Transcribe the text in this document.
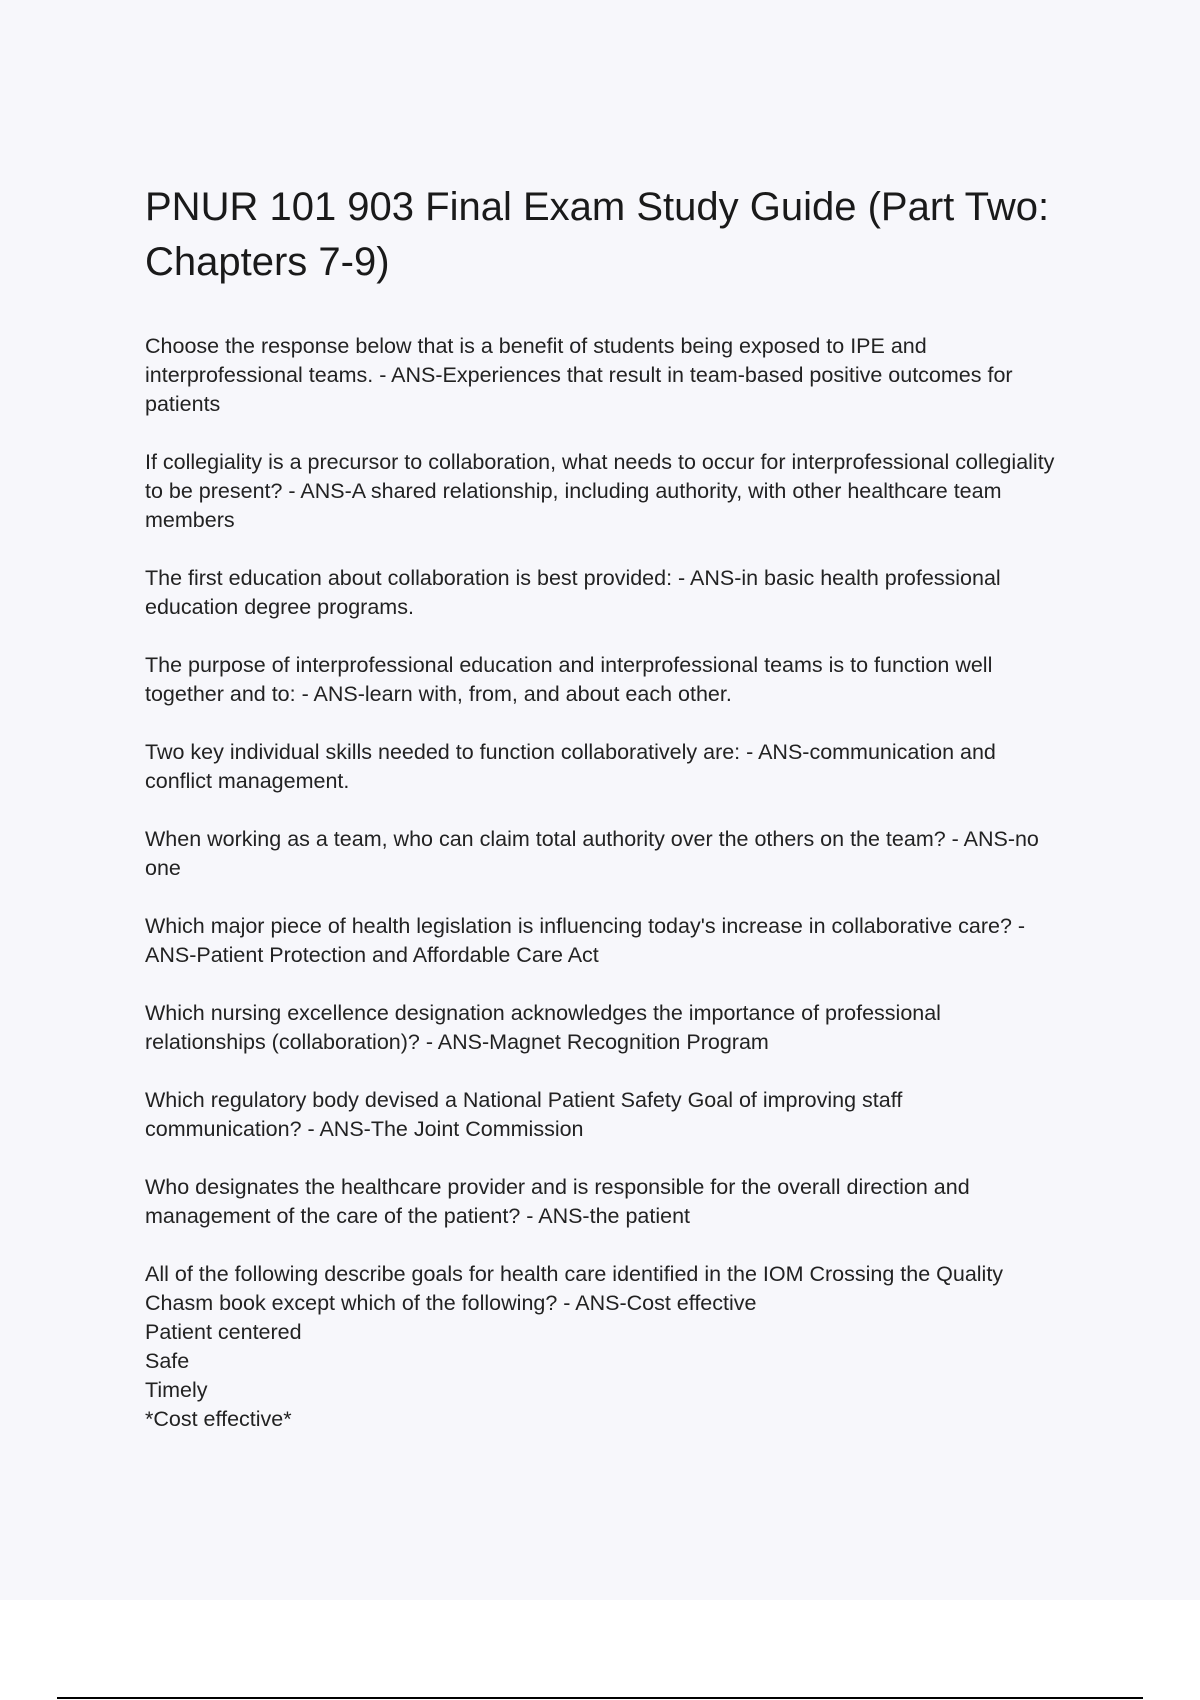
PNUR 101 903 Final Exam Study Guide (Part Two:
Chapters 7-9)

Choose the response below that is a benefit of students being exposed to IPE and
interprofessional teams. - ANS-Experiences that result in team-based positive outcomes for
patients

If collegiality is a precursor to collaboration, what needs to occur for interprofessional collegiality
to be present? - ANS-A shared relationship, including authority, with other healthcare team
members

The first education about collaboration is best provided: - ANS-in basic health professional
education degree programs.

The purpose of interprofessional education and interprofessional teams is to function well
together and to: - ANS-learn with, from, and about each other.

Two key individual skills needed to function collaboratively are: - ANS-communication and
conflict management.

When working as a team, who can claim total authority over the others on the team? - ANS-no
one

Which major piece of health legislation is influencing today's increase in collaborative care? -
ANS-Patient Protection and Affordable Care Act

Which nursing excellence designation acknowledges the importance of professional
relationships (collaboration)? - ANS-Magnet Recognition Program

Which regulatory body devised a National Patient Safety Goal of improving staff
communication? - ANS-The Joint Commission

Who designates the healthcare provider and is responsible for the overall direction and
management of the care of the patient? - ANS-the patient

All of the following describe goals for health care identified in the IOM Crossing the Quality
Chasm book except which of the following? - ANS-Cost effective
Patient centered
Safe
Timely
*Cost effective*
